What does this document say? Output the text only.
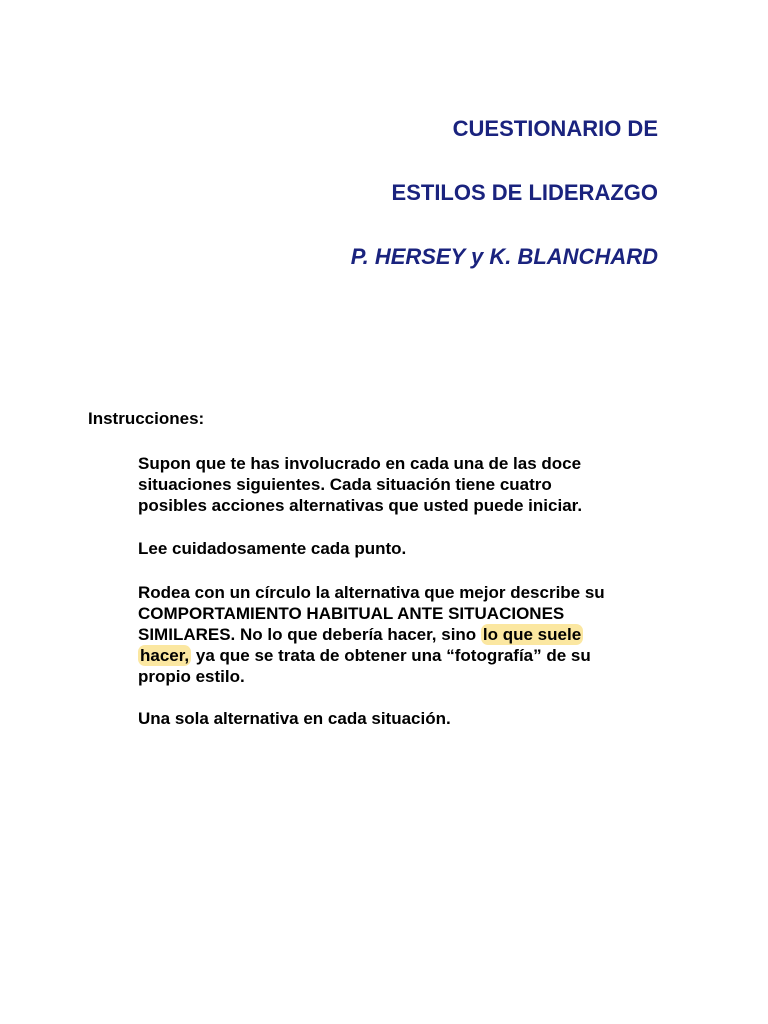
CUESTIONARIO DE
ESTILOS DE LIDERAZGO
P. HERSEY y K. BLANCHARD

Instrucciones:

Supon que te has involucrado en cada una de las doce
situaciones siguientes. Cada situación tiene cuatro
posibles acciones alternativas que usted puede iniciar.

Lee cuidadosamente cada punto.

Rodea con un círculo la alternativa que mejor describe su
COMPORTAMIENTO HABITUAL ANTE SITUACIONES
SIMILARES. No lo que debería hacer, sino lo que suele
hacer, ya que se trata de obtener una “fotografía” de su
propio estilo.

Una sola alternativa en cada situación.
